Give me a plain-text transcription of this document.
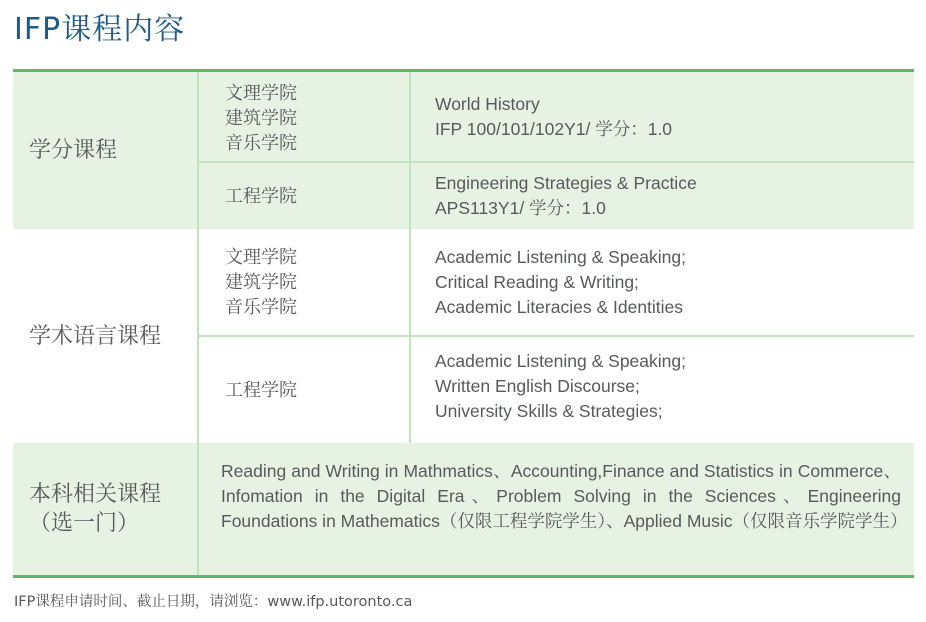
IFP课程内容
学分课程
文理学院
建筑学院
音乐学院
World History
IFP 100/101/102Y1/ 学分：1.0
工程学院
Engineering Strategies & Practice
APS113Y1/ 学分：1.0
学术语言课程
文理学院
建筑学院
音乐学院
Academic Listening & Speaking;
Critical Reading & Writing;
Academic Literacies & Identities
工程学院
Academic Listening & Speaking;
Written English Discourse;
University Skills & Strategies;
本科相关课程
（选一门）
Reading and Writing in Mathmatics、Accounting,Finance and Statistics in Commerce、Infomation in the Digital Era、Problem Solving in the Sciences、Engineering Foundations in Mathematics（仅限工程学院学生）、Applied Music（仅限音乐学院学生）
IFP课程申请时间、截止日期，请浏览：www.ifp.utoronto.ca
